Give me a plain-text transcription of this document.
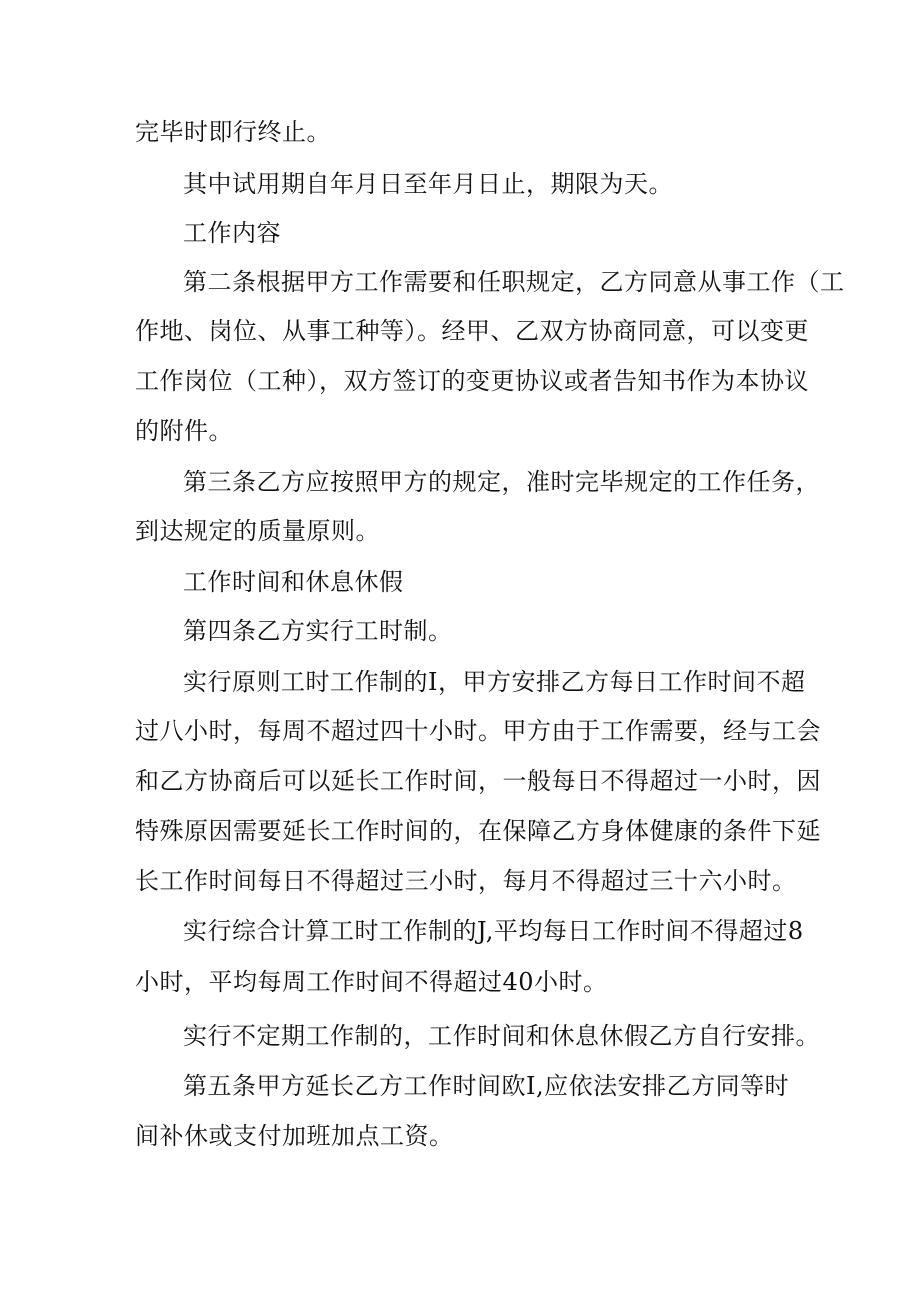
完毕时即行终止。
其中试用期自年月日至年月日止，期限为天。
工作内容
第二条根据甲方工作需要和任职规定，乙方同意从事工作（工
作地、岗位、从事工种等）。经甲、乙双方协商同意，可以变更
工作岗位（工种），双方签订的变更协议或者告知书作为本协议
的附件。
第三条乙方应按照甲方的规定，准时完毕规定的工作任务，
到达规定的质量原则。
工作时间和休息休假
第四条乙方实行工时制。
实行原则工时工作制的I，甲方安排乙方每日工作时间不超
过八小时，每周不超过四十小时。甲方由于工作需要，经与工会
和乙方协商后可以延长工作时间，一般每日不得超过一小时，因
特殊原因需要延长工作时间的，在保障乙方身体健康的条件下延
长工作时间每日不得超过三小时，每月不得超过三十六小时。
实行综合计算工时工作制的J,平均每日工作时间不得超过8
小时，平均每周工作时间不得超过40小时。
实行不定期工作制的，工作时间和休息休假乙方自行安排。
第五条甲方延长乙方工作时间欧I,应依法安排乙方同等时
间补休或支付加班加点工资。
